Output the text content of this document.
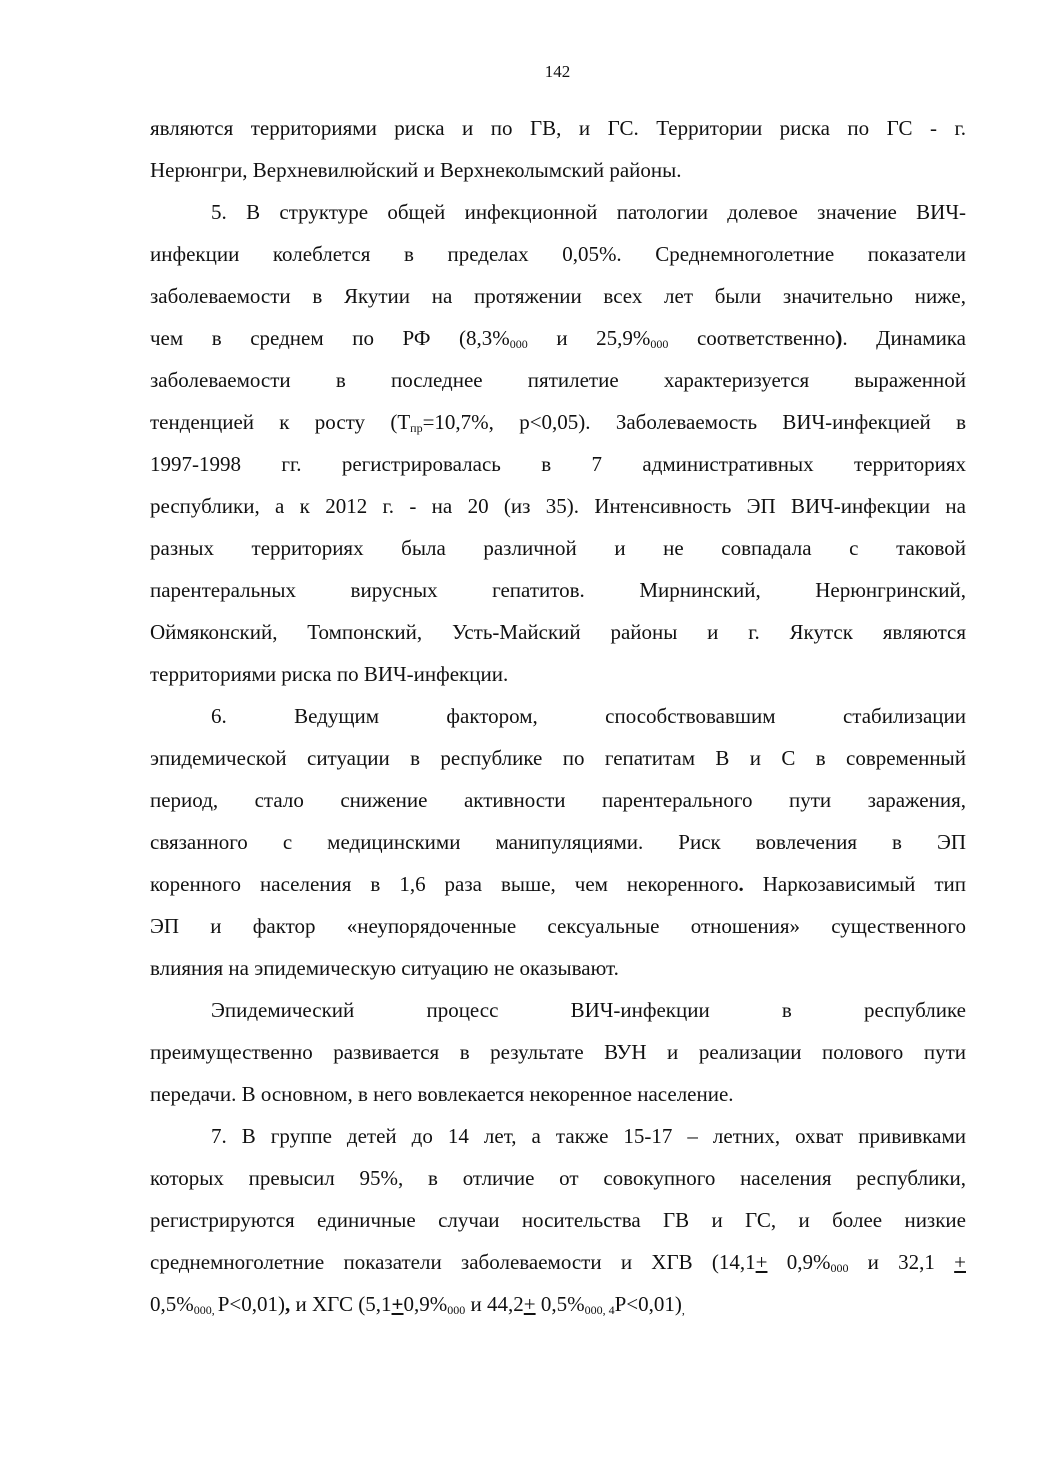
142
являются территориями риска и по ГВ, и ГС. Территории риска по ГС - г.
Нерюнгри, Верхневилюйский и Верхнеколымский районы.
5. В структуре общей инфекционной патологии долевое значение ВИЧ-
инфекции колеблется в пределах 0,05%. Среднемноголетние показатели
заболеваемости в Якутии на протяжении всех лет были значительно ниже,
чем в среднем по РФ (8,3%000 и 25,9%000 соответственно). Динамика
заболеваемости в последнее пятилетие характеризуется выраженной
тенденцией к росту (Тпр=10,7%, p<0,05). Заболеваемость ВИЧ-инфекцией в
1997-1998 гг. регистрировалась в 7 административных территориях
республики, а к 2012 г. - на 20 (из 35). Интенсивность ЭП ВИЧ-инфекции на
разных территориях была различной и не совпадала с таковой
парентеральных вирусных гепатитов. Мирнинский, Нерюнгринский,
Оймяконский, Томпонский, Усть-Майский районы и г. Якутск являются
территориями риска по ВИЧ-инфекции.
6. Ведущим фактором, способствовавшим стабилизации
эпидемической ситуации в республике по гепатитам В и С в современный
период, стало снижение активности парентерального пути заражения,
связанного с медицинскими манипуляциями. Риск вовлечения в ЭП
коренного населения в 1,6 раза выше, чем некоренного. Наркозависимый тип
ЭП и фактор «неупорядоченные сексуальные отношения» существенного
влияния на эпидемическую ситуацию не оказывают.
Эпидемический процесс ВИЧ-инфекции в республике
преимущественно развивается в результате ВУН и реализации полового пути
передачи. В основном, в него вовлекается некоренное население.
7. В группе детей до 14 лет, а также 15-17 – летних, охват прививками
которых превысил 95%, в отличие от совокупного населения республики,
регистрируются единичные случаи носительства ГВ и ГС, и более низкие
среднемноголетние показатели заболеваемости и ХГВ (14,1+ 0,9%000 и 32,1 +
0,5%000, P<0,01), и ХГС (5,1+0,9%000 и 44,2+ 0,5%000, 4P<0,01),
